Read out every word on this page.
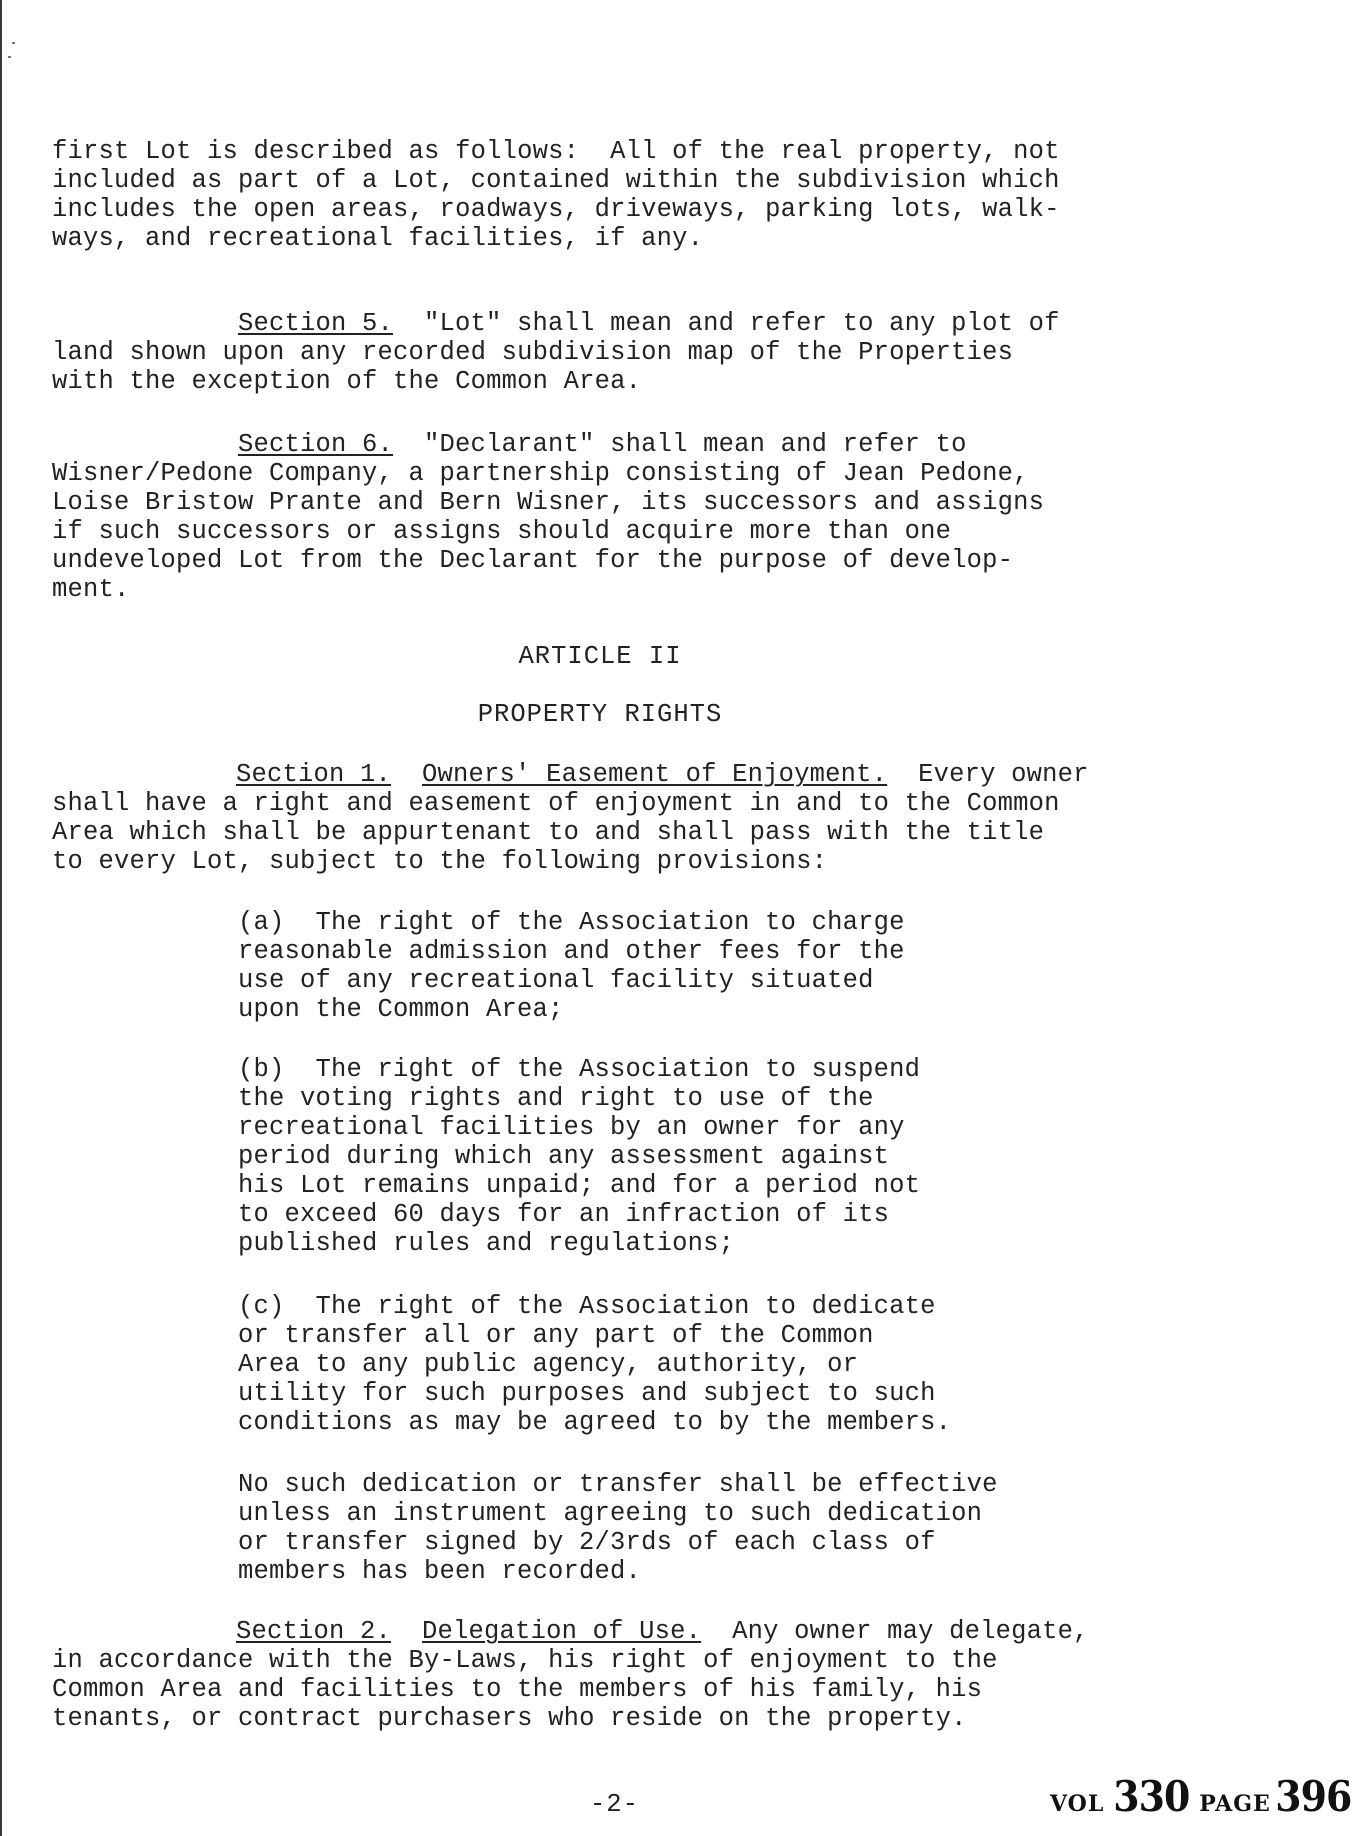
first Lot is described as follows:  All of the real property, not
included as part of a Lot, contained within the subdivision which
includes the open areas, roadways, driveways, parking lots, walk-
ways, and recreational facilities, if any.
Section 5.  "Lot" shall mean and refer to any plot of
land shown upon any recorded subdivision map of the Properties
with the exception of the Common Area.
Section 6.  "Declarant" shall mean and refer to
Wisner/Pedone Company, a partnership consisting of Jean Pedone,
Loise Bristow Prante and Bern Wisner, its successors and assigns
if such successors or assigns should acquire more than one
undeveloped Lot from the Declarant for the purpose of develop-
ment.
ARTICLE II
PROPERTY RIGHTS
Section 1. Owners' Easement of Enjoyment.  Every owner
shall have a right and easement of enjoyment in and to the Common
Area which shall be appurtenant to and shall pass with the title
to every Lot, subject to the following provisions:
(a)  The right of the Association to charge
reasonable admission and other fees for the
use of any recreational facility situated
upon the Common Area;
(b)  The right of the Association to suspend
the voting rights and right to use of the
recreational facilities by an owner for any
period during which any assessment against
his Lot remains unpaid; and for a period not
to exceed 60 days for an infraction of its
published rules and regulations;
(c)  The right of the Association to dedicate
or transfer all or any part of the Common
Area to any public agency, authority, or
utility for such purposes and subject to such
conditions as may be agreed to by the members.
No such dedication or transfer shall be effective
unless an instrument agreeing to such dedication
or transfer signed by 2/3rds of each class of
members has been recorded.
Section 2. Delegation of Use.  Any owner may delegate,
in accordance with the By-Laws, his right of enjoyment to the
Common Area and facilities to the members of his family, his
tenants, or contract purchasers who reside on the property.
-2-	VOL 330 PAGE 396
